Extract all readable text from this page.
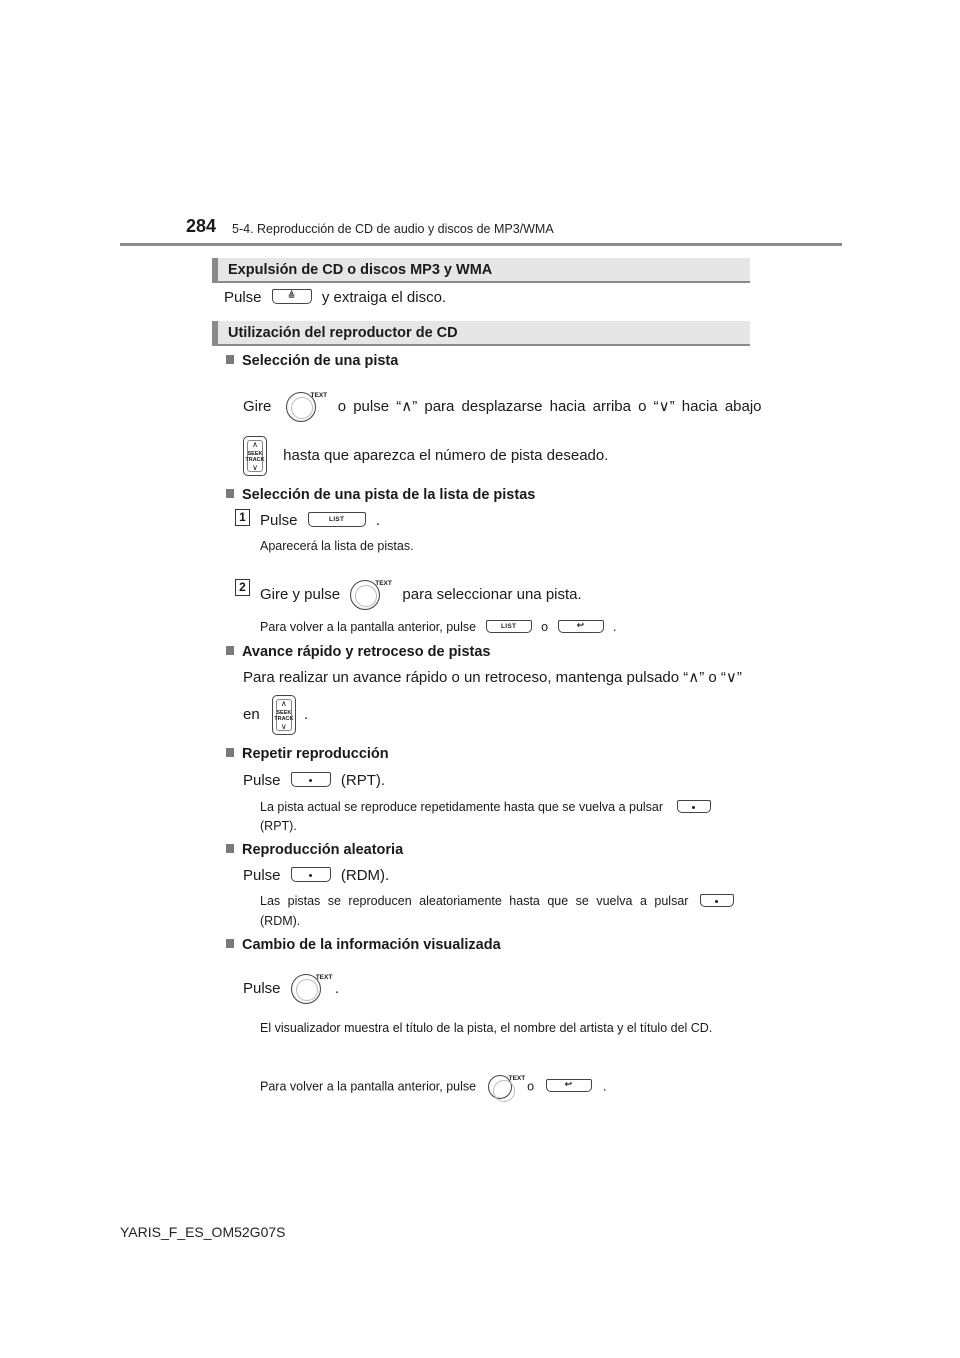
284 5-4. Reproducción de CD de audio y discos de MP3/WMA
Expulsión de CD o discos MP3 y WMA
Pulse	≜	y extraiga el disco.
Utilización del reproductor de CD
Selección de una pista
Gire
TEXT
o pulse “∧” para desplazarse hacia arriba o “∨” hacia abajo
∧
SEEK
TRACK
∨
hasta que aparezca el número de pista deseado.
Selección de una pista de la lista de pistas
1 Pulse	LIST	.
Aparecerá la lista de pistas.
2 Gire y pulse
TEXT
para seleccionar una pista.
Para volver a la pantalla anterior, pulse	LIST	o	↩	.
Avance rápido y retroceso de pistas
Para realizar un avance rápido o un retroceso, mantenga pulsado “∧” o “∨”
en
∧
SEEK
TRACK
∨
.
Repetir reproducción
Pulse	(RPT).
La pista actual se reproduce repetidamente hasta que se vuelva a pulsar
(RPT).
Reproducción aleatoria
Pulse	(RDM).
Las pistas se reproducen aleatoriamente hasta que se vuelva a pulsar
(RDM).
Cambio de la información visualizada
Pulse
TEXT
.
El visualizador muestra el título de la pista, el nombre del artista y el título del CD.
Para volver a la pantalla anterior, pulse
TEXT
o	↩	.
YARIS_F_ES_OM52G07S
